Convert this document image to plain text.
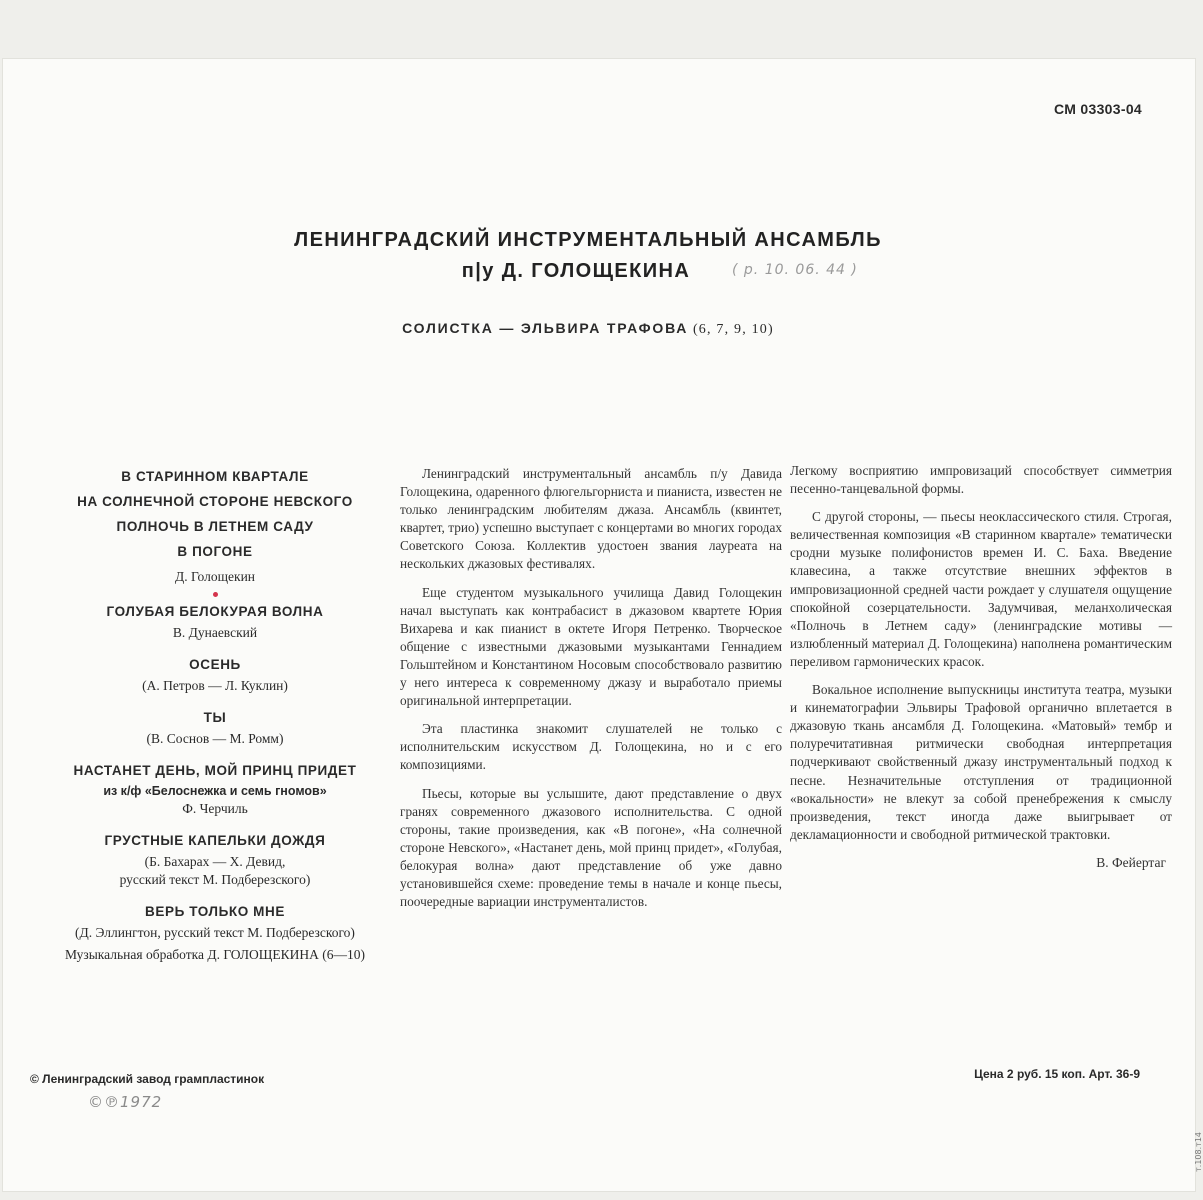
СМ 03303-04
ЛЕНИНГРАДСКИЙ ИНСТРУМЕНТАЛЬНЫЙ АНСАМБЛЬ
п|у Д. ГОЛОЩЕКИНА	( р. 10. 06. 44 )
СОЛИСТКА — ЭЛЬВИРА ТРАФОВА (6, 7, 9, 10)
В СТАРИННОМ КВАРТАЛЕ
НА СОЛНЕЧНОЙ СТОРОНЕ НЕВСКОГО
ПОЛНОЧЬ В ЛЕТНЕМ САДУ
В ПОГОНЕ
Д. Голощекин
ГОЛУБАЯ БЕЛОКУРАЯ ВОЛНА
В. Дунаевский
ОСЕНЬ
(А. Петров — Л. Куклин)
ТЫ
(В. Соснов — М. Ромм)
НАСТАНЕТ ДЕНЬ, МОЙ ПРИНЦ ПРИДЕТ
из к/ф «Белоснежка и семь гномов»
Ф. Черчиль
ГРУСТНЫЕ КАПЕЛЬКИ ДОЖДЯ
(Б. Бахарах — Х. Девид,
русский текст М. Подберезского)
ВЕРЬ ТОЛЬКО МНЕ
(Д. Эллингтон, русский текст М. Подберезского)
Музыкальная обработка Д. ГОЛОЩЕКИНА (6—10)

Ленинградский инструментальный ансамбль п/у Давида Голощекина, одаренного флюгельгорниста и пианиста, известен не только ленинградским любителям джаза. Ансамбль (квинтет, квартет, трио) успешно выступает с концертами во многих городах Советского Союза. Коллектив удостоен звания лауреата на нескольких джазовых фестивалях.

Еще студентом музыкального училища Давид Голощекин начал выступать как контрабасист в джазовом квартете Юрия Вихарева и как пианист в октете Игоря Петренко. Творческое общение с известными джазовыми музыкантами Геннадием Гольштейном и Константином Носовым способствовало развитию у него интереса к современному джазу и выработало приемы оригинальной интерпретации.

Эта пластинка знакомит слушателей не только с исполнительским искусством Д. Голощекина, но и с его композициями.

Пьесы, которые вы услышите, дают представление о двух гранях современного джазового исполнительства. С одной стороны, такие произведения, как «В погоне», «На солнечной стороне Невского», «Настанет день, мой принц придет», «Голубая, белокурая волна» дают представление об уже давно установившейся схеме: проведение темы в начале и конце пьесы, поочередные вариации инструменталистов.

Легкому восприятию импровизаций способствует симметрия песенно-танцевальной формы.

С другой стороны, — пьесы неоклассического стиля. Строгая, величественная композиция «В старинном квартале» тематически сродни музыке полифонистов времен И. С. Баха. Введение клавесина, а также отсутствие внешних эффектов в импровизационной средней части рождает у слушателя ощущение спокойной созерцательности. Задумчивая, меланхолическая «Полночь в Летнем саду» (ленинградские мотивы — излюбленный материал Д. Голощекина) наполнена романтическим переливом гармонических красок.

Вокальное исполнение выпускницы института театра, музыки и кинематографии Эльвиры Трафовой органично вплетается в джазовую ткань ансамбля Д. Голощекина. «Матовый» тембр и полуречитативная ритмически свободная интерпретация подчеркивают свойственный джазу инструментальный подход к песне. Незначительные отступления от традиционной «вокальности» не влекут за собой пренебрежения к смыслу произведения, текст иногда даже выигрывает от декламационности и свободной ритмической трактовки.

В. Фейертаг
© Ленинградский завод грампластинок	Цена 2 руб. 15 коп. Арт. 36-9
©℗1972
т.108.т14
